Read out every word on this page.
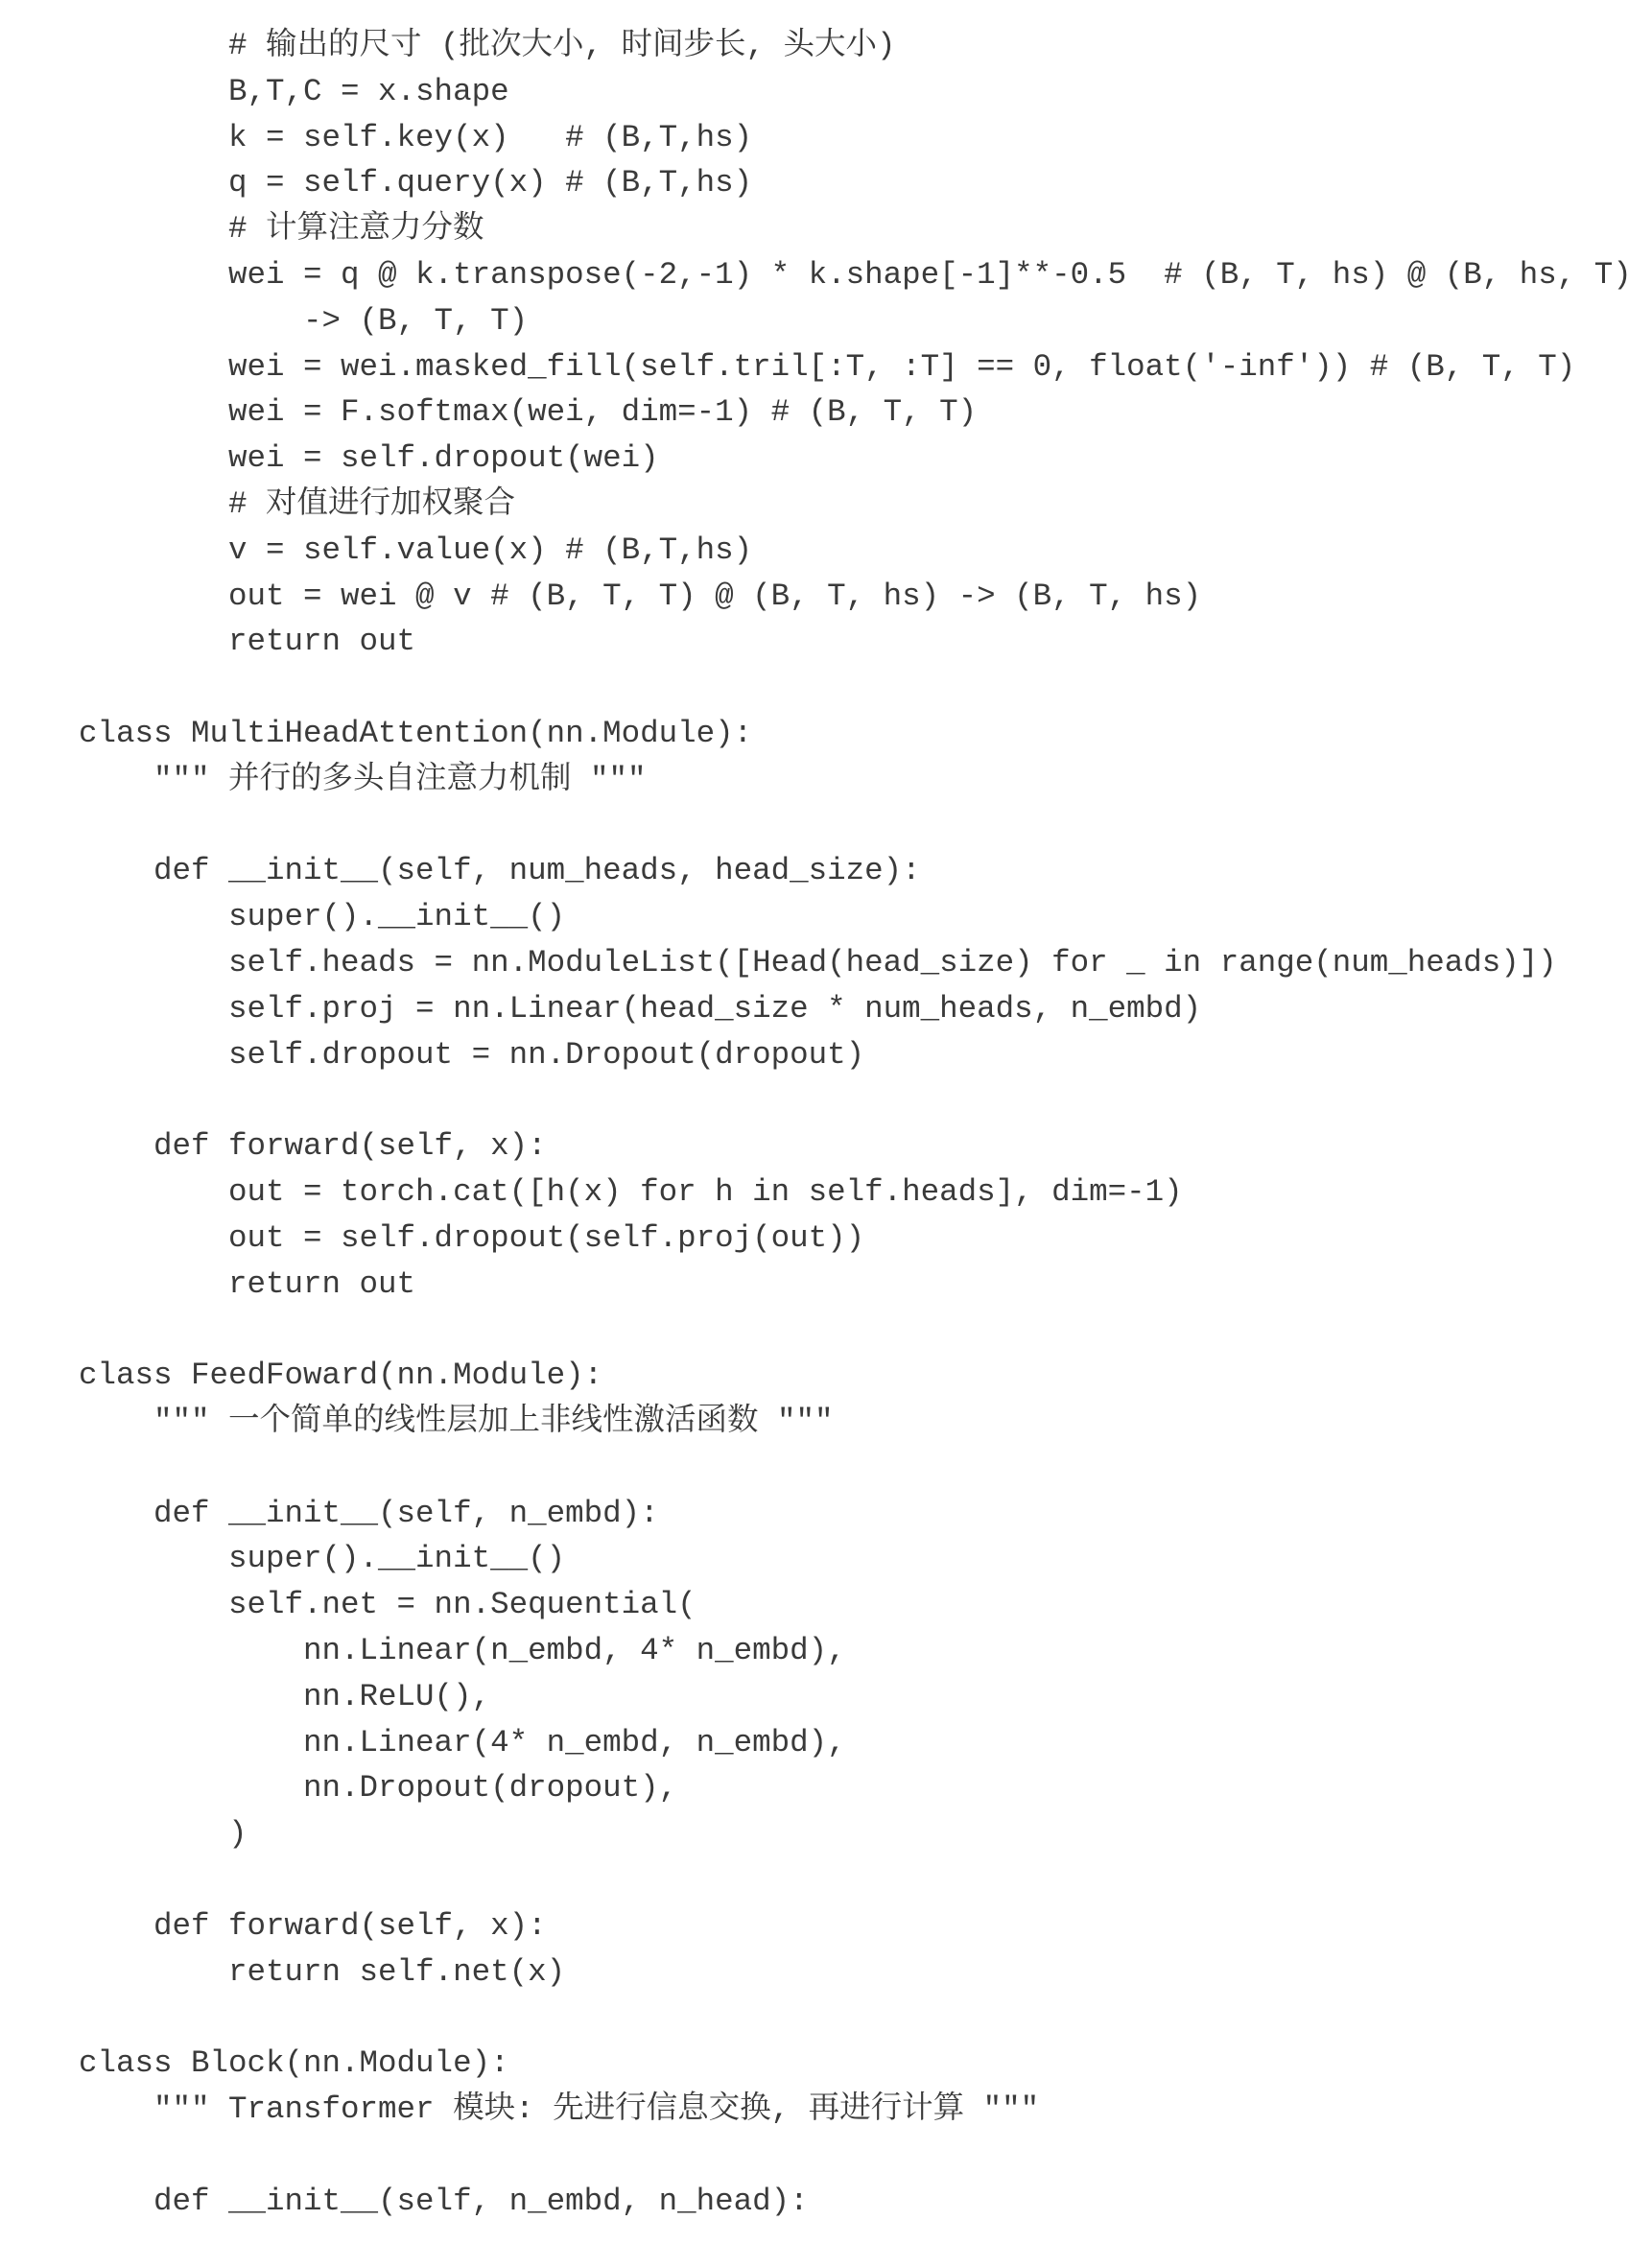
# 输出的尺寸 (批次大小, 时间步长, 头大小)
B,T,C = x.shape
k = self.key(x)   # (B,T,hs)
q = self.query(x) # (B,T,hs)
# 计算注意力分数
wei = q @ k.transpose(-2,-1) * k.shape[-1]**-0.5  # (B, T, hs) @ (B, hs, T)
-> (B, T, T)
wei = wei.masked_fill(self.tril[:T, :T] == 0, float('-inf')) # (B, T, T)
wei = F.softmax(wei, dim=-1) # (B, T, T)
wei = self.dropout(wei)
# 对值进行加权聚合
v = self.value(x) # (B,T,hs)
out = wei @ v # (B, T, T) @ (B, T, hs) -> (B, T, hs)
return out
class MultiHeadAttention(nn.Module):
""" 并行的多头自注意力机制 """
def __init__(self, num_heads, head_size):
super().__init__()
self.heads = nn.ModuleList([Head(head_size) for _ in range(num_heads)])
self.proj = nn.Linear(head_size * num_heads, n_embd)
self.dropout = nn.Dropout(dropout)
def forward(self, x):
out = torch.cat([h(x) for h in self.heads], dim=-1)
out = self.dropout(self.proj(out))
return out
class FeedFoward(nn.Module):
""" 一个简单的线性层加上非线性激活函数 """
def __init__(self, n_embd):
super().__init__()
self.net = nn.Sequential(
nn.Linear(n_embd, 4* n_embd),
nn.ReLU(),
nn.Linear(4* n_embd, n_embd),
nn.Dropout(dropout),
)
def forward(self, x):
return self.net(x)
class Block(nn.Module):
""" Transformer 模块: 先进行信息交换, 再进行计算 """
def __init__(self, n_embd, n_head):
